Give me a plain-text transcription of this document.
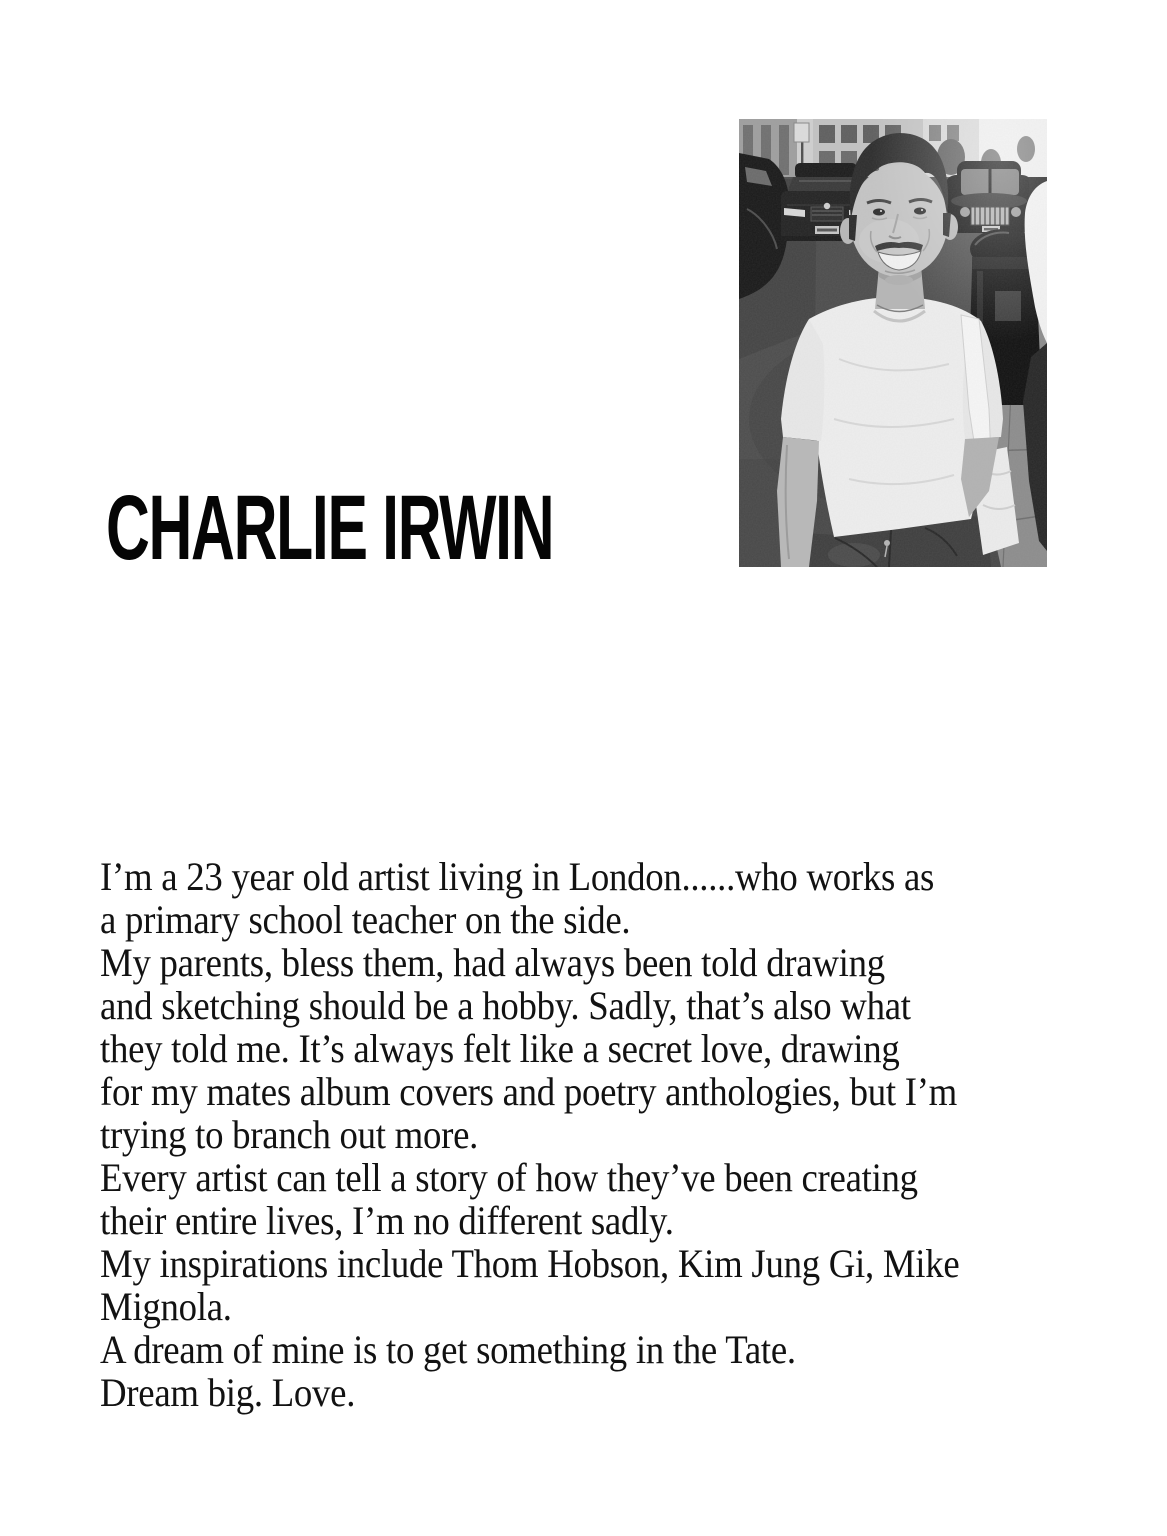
CHARLIE IRWIN
I’m a 23 year old artist living in London......who works as
a primary school teacher on the side.
My parents, bless them, had always been told drawing
and sketching should be a hobby. Sadly, that’s also what
they told me. It’s always felt like a secret love, drawing
for my mates album covers and poetry anthologies, but I’m
trying to branch out more.
Every artist can tell a story of how they’ve been creating
their entire lives, I’m no different sadly.
My inspirations include Thom Hobson, Kim Jung Gi, Mike
Mignola.
A dream of mine is to get something in the Tate.
Dream big. Love.
